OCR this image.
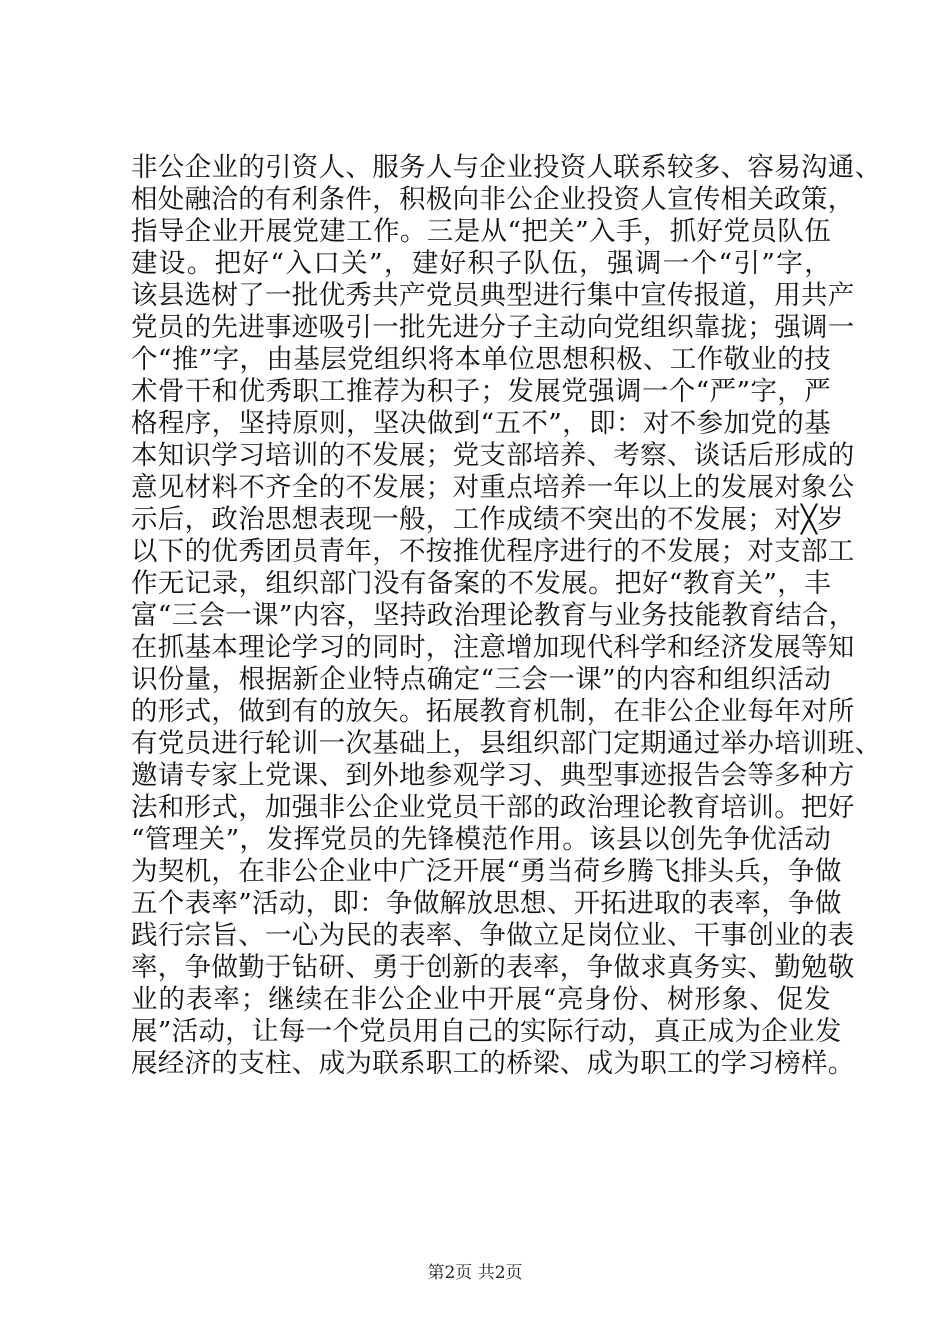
非公企业的引资人、服务人与企业投资人联系较多、容易沟通、
相处融洽的有利条件，积极向非公企业投资人宣传相关政策，
指导企业开展党建工作。三是从“把关”入手，抓好党员队伍
建设。把好“入口关”，建好积子队伍，强调一个“引”字，
该县选树了一批优秀共产党员典型进行集中宣传报道，用共产
党员的先进事迹吸引一批先进分子主动向党组织靠拢；强调一
个“推”字，由基层党组织将本单位思想积极、工作敬业的技
术骨干和优秀职工推荐为积子；发展党强调一个“严”字，严
格程序，坚持原则，坚决做到“五不”，即：对不参加党的基
本知识学习培训的不发展；党支部培养、考察、谈话后形成的
意见材料不齐全的不发展；对重点培养一年以上的发展对象公
示后，政治思想表现一般，工作成绩不突出的不发展；对╳岁
以下的优秀团员青年，不按推优程序进行的不发展；对支部工
作无记录，组织部门没有备案的不发展。把好“教育关”，丰
富“三会一课”内容，坚持政治理论教育与业务技能教育结合，
在抓基本理论学习的同时，注意增加现代科学和经济发展等知
识份量，根据新企业特点确定“三会一课”的内容和组织活动
的形式，做到有的放矢。拓展教育机制，在非公企业每年对所
有党员进行轮训一次基础上，县组织部门定期通过举办培训班、
邀请专家上党课、到外地参观学习、典型事迹报告会等多种方
法和形式，加强非公企业党员干部的政治理论教育培训。把好
“管理关”，发挥党员的先锋模范作用。该县以创先争优活动
为契机，在非公企业中广泛开展“勇当荷乡腾飞排头兵，争做
五个表率”活动，即：争做解放思想、开拓进取的表率，争做
践行宗旨、一心为民的表率、争做立足岗位业、干事创业的表
率，争做勤于钻研、勇于创新的表率，争做求真务实、勤勉敬
业的表率；继续在非公企业中开展“亮身份、树形象、促发
展”活动，让每一个党员用自己的实际行动，真正成为企业发
展经济的支柱、成为联系职工的桥梁、成为职工的学习榜样。
第2页 共2页
